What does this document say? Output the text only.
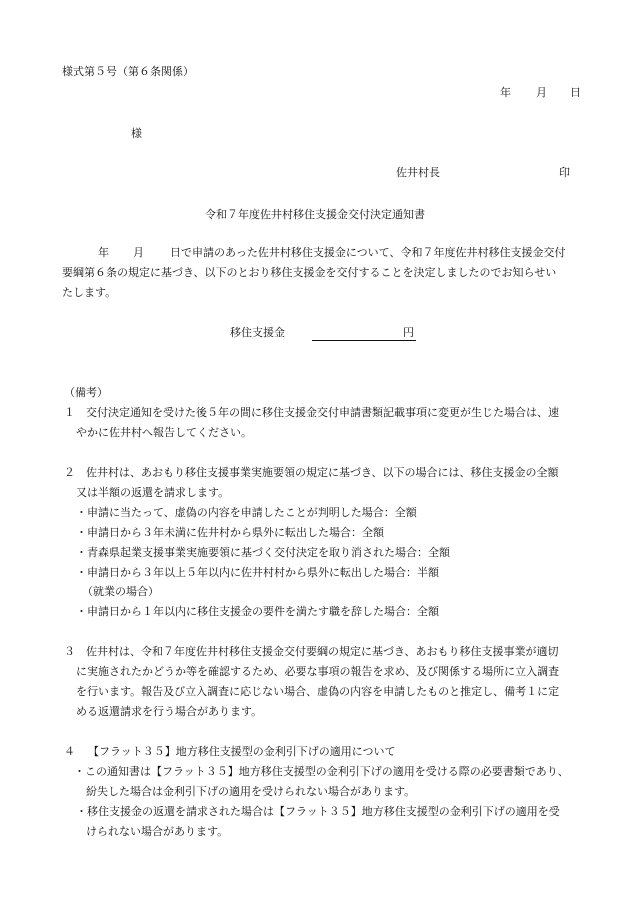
様式第５号（第６条関係）
年 月 日
様
佐井村長	印
令和７年度佐井村移住支援金交付決定通知書
年 月 日で申請のあった佐井村移住支援金について、令和７年度佐井村移住支援金交付
要綱第６条の規定に基づき、以下のとおり移住支援金を交付することを決定しましたのでお知らせい
たします。
移住支援金	円
（備考）
１ 交付決定通知を受けた後５年の間に移住支援金交付申請書類記載事項に変更が生じた場合は、速
やかに佐井村へ報告してください。
２ 佐井村は、あおもり移住支援事業実施要領の規定に基づき、以下の場合には、移住支援金の全額
又は半額の返還を請求します。
・申請に当たって、虚偽の内容を申請したことが判明した場合：全額
・申請日から３年未満に佐井村から県外に転出した場合：全額
・青森県起業支援事業実施要領に基づく交付決定を取り消された場合：全額
・申請日から３年以上５年以内に佐井村村から県外に転出した場合：半額
（就業の場合）
・申請日から１年以内に移住支援金の要件を満たす職を辞した場合：全額
３ 佐井村は、令和７年度佐井村移住支援金交付要綱の規定に基づき、あおもり移住支援事業が適切
に実施されたかどうか等を確認するため、必要な事項の報告を求め、及び関係する場所に立入調査
を行います。報告及び立入調査に応じない場合、虚偽の内容を申請したものと推定し、備考１に定
める返還請求を行う場合があります。
４ 【フラット３５】地方移住支援型の金利引下げの適用について
・この通知書は【フラット３５】地方移住支援型の金利引下げの適用を受ける際の必要書類であり、
紛失した場合は金利引下げの適用を受けられない場合があります。
・移住支援金の返還を請求された場合は【フラット３５】地方移住支援型の金利引下げの適用を受
けられない場合があります。
